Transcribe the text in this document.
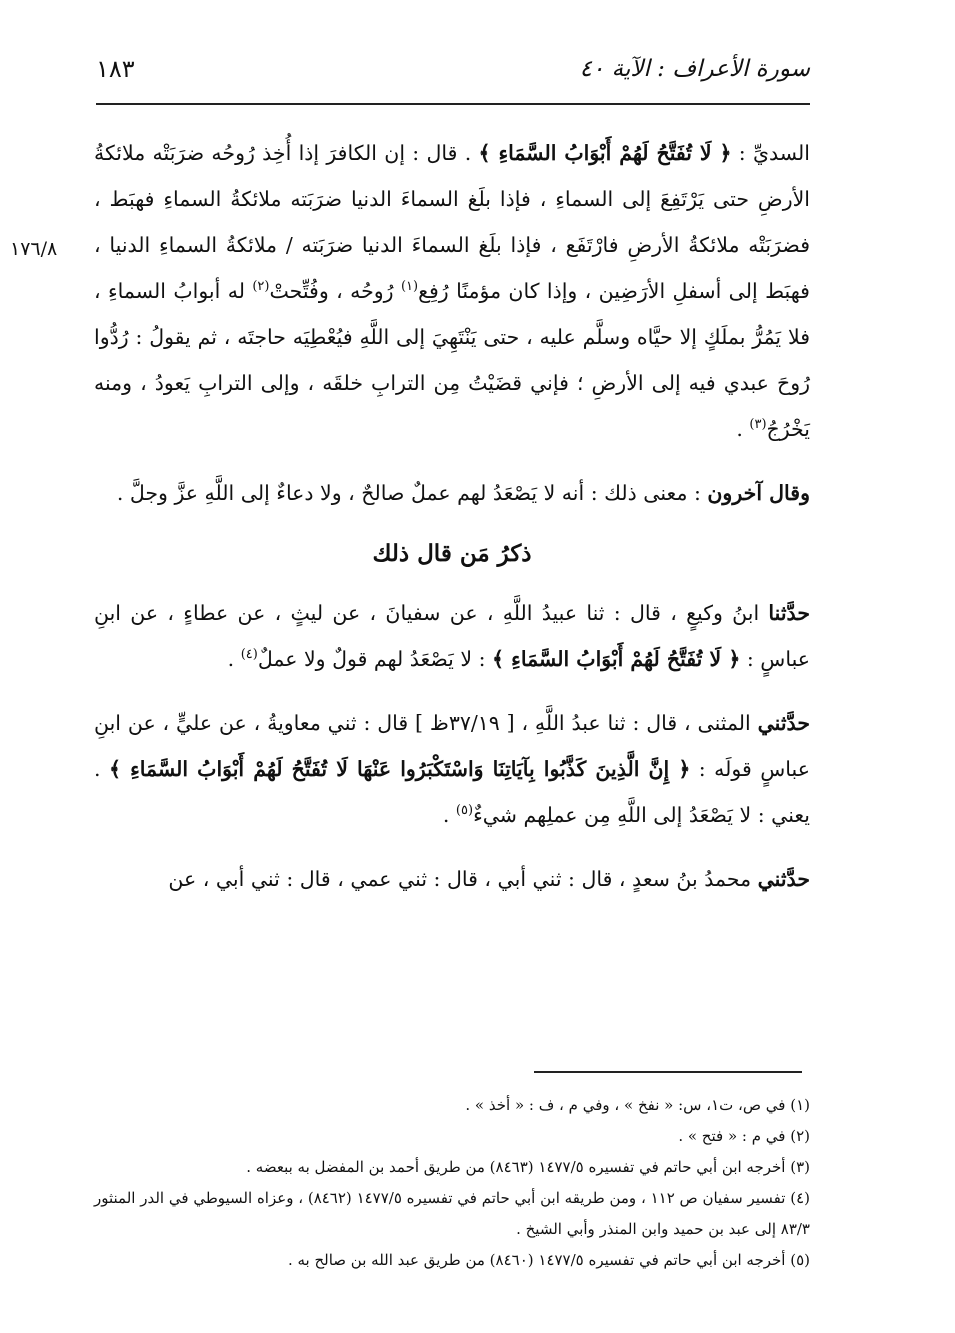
سورة الأعراف : الآية ٤٠
١٨٣
١٧٦/٨

السديِّ : ﴿ لَا تُفَتَّحُ لَهُمْ أَبْوَابُ السَّمَاءِ ﴾ . قال : إن الكافرَ إذا أُخِذ رُوحُه ضرَبَتْه ملائكةُ الأرضِ حتى يَرْتَفِعَ إلى السماءِ ، فإذا بلَغ السماءَ الدنيا ضرَبَته ملائكةُ السماءِ فهبَط ، فضرَبَتْه ملائكةُ الأرضِ فارْتَفَع ، فإذا بلَغ السماءَ الدنيا ضرَبَته / ملائكةُ السماءِ الدنيا ، فهبَط إلى أسفلِ الأرَضِين ، وإذا كان مؤمنًا رُفِع$^{(١)}$ رُوحُه ، وفُتِّحتْ$^{(٢)}$ له أبوابُ السماءِ ، فلا يَمُرُّ بملَكٍ إلا حيَّاه وسلَّم عليه ، حتى يَنْتَهِيَ إلى اللَّهِ فيُعْطِيَه حاجتَه ، ثم يقولُ : رُدُّوا رُوحَ عبدي فيه إلى الأرضِ ؛ فإني قضَيْتُ مِن الترابِ خلقَه ، وإلى الترابِ يَعودُ ، ومنه يَخْرُجُ$^{(٣)}$ .

وقال آخرون : معنى ذلك : أنه لا يَصْعَدُ لهم عملٌ صالحٌ ، ولا دعاءٌ إلى اللَّهِ عزَّ وجلَّ .

ذكرُ مَن قال ذلك

حدَّثنا ابنُ وكيعٍ ، قال : ثنا عبيدُ اللَّهِ ، عن سفيانَ ، عن ليثٍ ، عن عطاءٍ ، عن ابنِ عباسٍ : ﴿ لَا تُفَتَّحُ لَهُمْ أَبْوَابُ السَّمَاءِ ﴾ : لا يَصْعَدُ لهم قولٌ ولا عملٌ$^{(٤)}$ .

حدَّثني المثنى ، قال : ثنا عبدُ اللَّهِ ، [ ٣٧/١٩ظ ] قال : ثني معاويةُ ، عن عليٍّ ، عن ابنِ عباسٍ قولَه : ﴿ إِنَّ الَّذِينَ كَذَّبُوا بِآيَاتِنَا وَاسْتَكْبَرُوا عَنْهَا لَا تُفَتَّحُ لَهُمْ أَبْوَابُ السَّمَاءِ ﴾ . يعني : لا يَصْعَدُ إلى اللَّهِ مِن عملِهم شيءٌ$^{(٥)}$ .

حدَّثني محمدُ بنُ سعدٍ ، قال : ثني أبي ، قال : ثني عمي ، قال : ثني أبي ، عن

(١) في ص، ت١، س: « نفخ » ، وفي م ، ف : « أخذ » .

(٢) في م : « فتح » .

(٣) أخرجه ابن أبي حاتم في تفسيره ١٤٧٧/٥ (٨٤٦٣) من طريق أحمد بن المفضل به ببعضه .

(٤) تفسير سفيان ص ١١٢ ، ومن طريقه ابن أبي حاتم في تفسيره ١٤٧٧/٥ (٨٤٦٢) ، وعزاه السيوطي في الدر المنثور ٨٣/٣ إلى عبد بن حميد وابن المنذر وأبي الشيخ .

(٥) أخرجه ابن أبي حاتم في تفسيره ١٤٧٧/٥ (٨٤٦٠) من طريق عبد الله بن صالح به .
